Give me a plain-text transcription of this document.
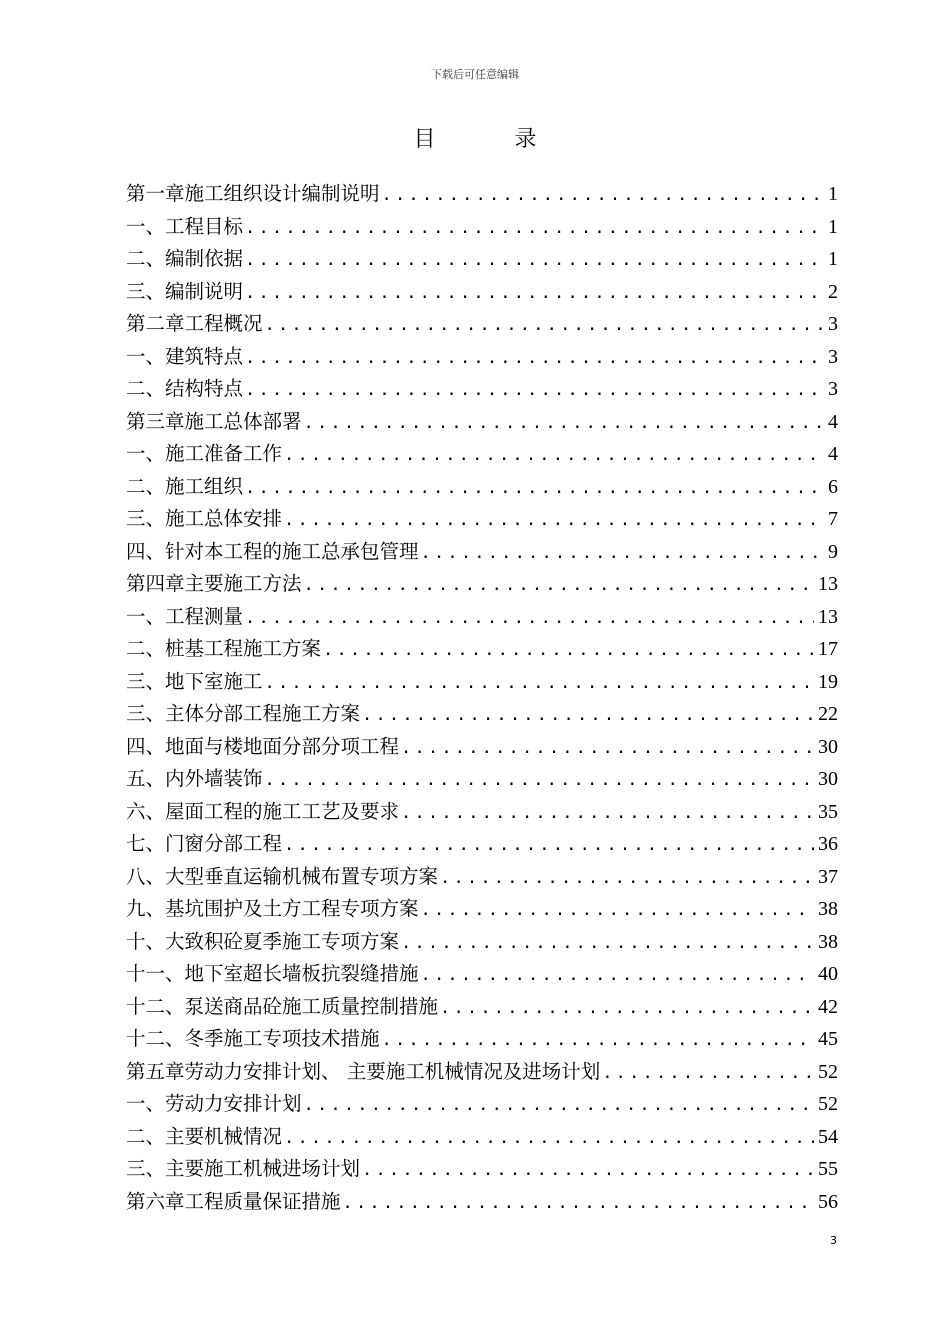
下载后可任意编辑
目 录
第一章 施工组织设计编制说明 .....	1
一、 工程目标 .....	1
二、 编制依据 .....	1
三、 编制说明 .....	2
第二章 工程概况 .....	3
一、 建筑特点 .....	3
二、 结构特点 .....	3
第三章 施工总体部署 .....	4
一、 施工准备工作 .....	4
二、 施工组织 .....	6
三、 施工总体安排 .....	7
四、 针对本工程的施工总承包管理 .....	9
第四章 主要施工方法 .....	13
一、 工程测量 .....	13
二、 桩基工程施工方案 .....	17
三、 地下室施工 .....	19
三、 主体分部工程施工方案 .....	22
四、 地面与楼地面分部分项工程 .....	30
五、 内外墙装饰 .....	30
六、 屋面工程的施工工艺及要求 .....	35
七、 门窗分部工程 .....	36
八、 大型垂直运输机械布置专项方案 .....	37
九、 基坑围护及土方工程专项方案 .....	38
十、 大致积砼夏季施工专项方案 .....	38
十一、 地下室超长墙板抗裂缝措施 .....	40
十二、 泵送商品砼施工质量控制措施 .....	42
十二、 冬季施工专项技术措施 .....	45
第五章 劳动力安排计划、 主要施工机械情况及进场计划 .....	52
一、 劳动力安排计划 .....	52
二、 主要机械情况 .....	54
三、 主要施工机械进场计划 .....	55
第六章 工程质量保证措施 .....	56
3
